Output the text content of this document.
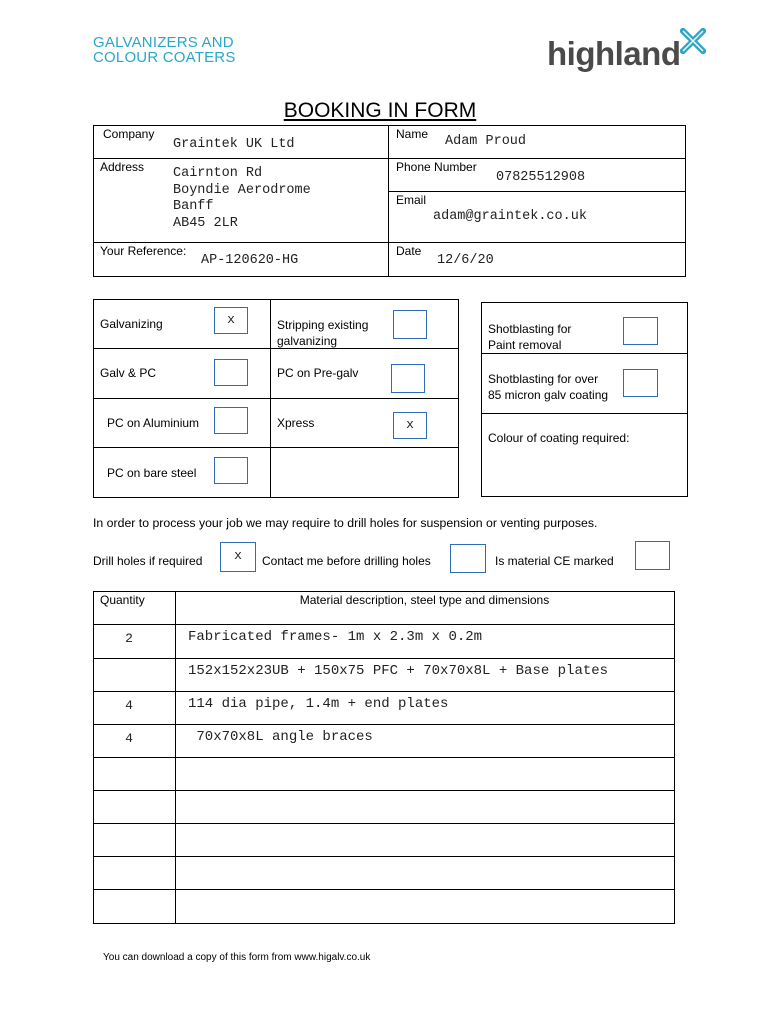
GALVANIZERS AND
COLOUR COATERS	highland
BOOKING IN FORM
Company
Graintek UK Ltd
Name Adam Proud
Address Cairnton Rd
Boyndie Aerodrome
Banff
AB45 2LR
Phone Number
07825512908
Email
adam@graintek.co.uk
Your Reference:
AP-120620-HG
Date
12/6/20
Galvanizing	x	Stripping existing
galvanizing
Galv & PC	PC on Pre-galv
PC on Aluminium	Xpress	x
PC on bare steel
Shotblasting for
Paint removal
Shotblasting for over
85 micron galv coating
Colour of coating required:
In order to process your job we may require to drill holes for suspension or venting purposes.
Drill holes if required	x	Contact me before drilling holes	Is material CE marked
Quantity	Material description, steel type and dimensions
2	Fabricated frames- 1m x 2.3m x 0.2m
152x152x23UB + 150x75 PFC + 70x70x8L + Base plates
4	114 dia pipe, 1.4m + end plates
4	70x70x8L angle braces
You can download a copy of this form from www.higalv.co.uk
